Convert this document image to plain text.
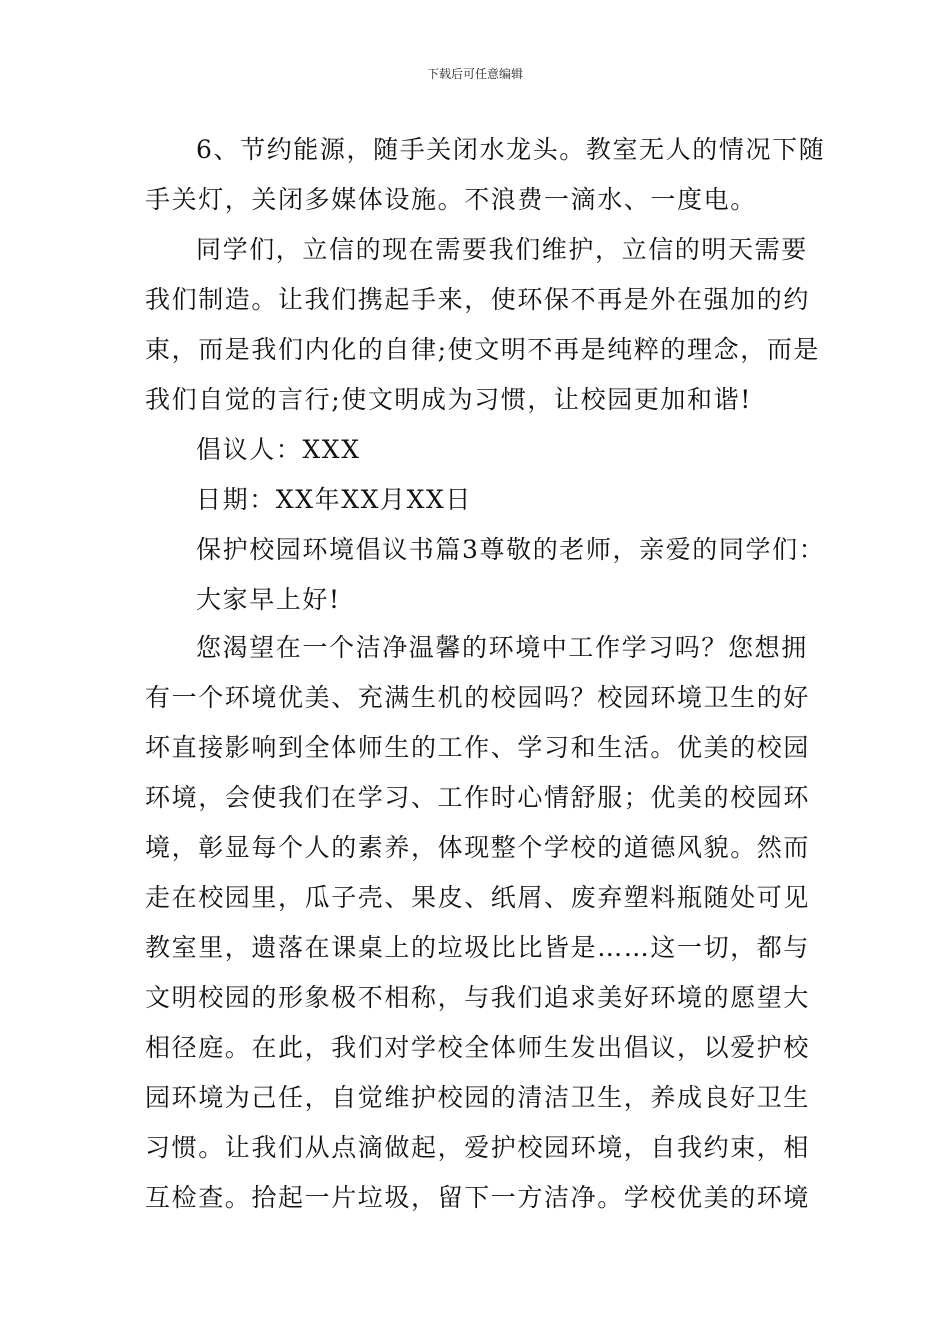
下载后可任意编辑
6、节约能源，随手关闭水龙头。教室无人的情况下随
手关灯，关闭多媒体设施。不浪费一滴水、一度电。
同学们，立信的现在需要我们维护，立信的明天需要
我们制造。让我们携起手来，使环保不再是外在强加的约
束，而是我们内化的自律;使文明不再是纯粹的理念，而是
我们自觉的言行;使文明成为习惯，让校园更加和谐!
倡议人：XXX
日期：XX年XX月XX日
保护校园环境倡议书篇3尊敬的老师，亲爱的同学们：
大家早上好!
您渴望在一个洁净温馨的环境中工作学习吗？您想拥
有一个环境优美、充满生机的校园吗？校园环境卫生的好
坏直接影响到全体师生的工作、学习和生活。优美的校园
环境，会使我们在学习、工作时心情舒服；优美的校园环
境，彰显每个人的素养，体现整个学校的道德风貌。然而
走在校园里，瓜子壳、果皮、纸屑、废弃塑料瓶随处可见
教室里，遗落在课桌上的垃圾比比皆是……这一切，都与
文明校园的形象极不相称，与我们追求美好环境的愿望大
相径庭。在此，我们对学校全体师生发出倡议，以爱护校
园环境为己任，自觉维护校园的清洁卫生，养成良好卫生
习惯。让我们从点滴做起，爱护校园环境，自我约束，相
互检查。拾起一片垃圾，留下一方洁净。学校优美的环境
